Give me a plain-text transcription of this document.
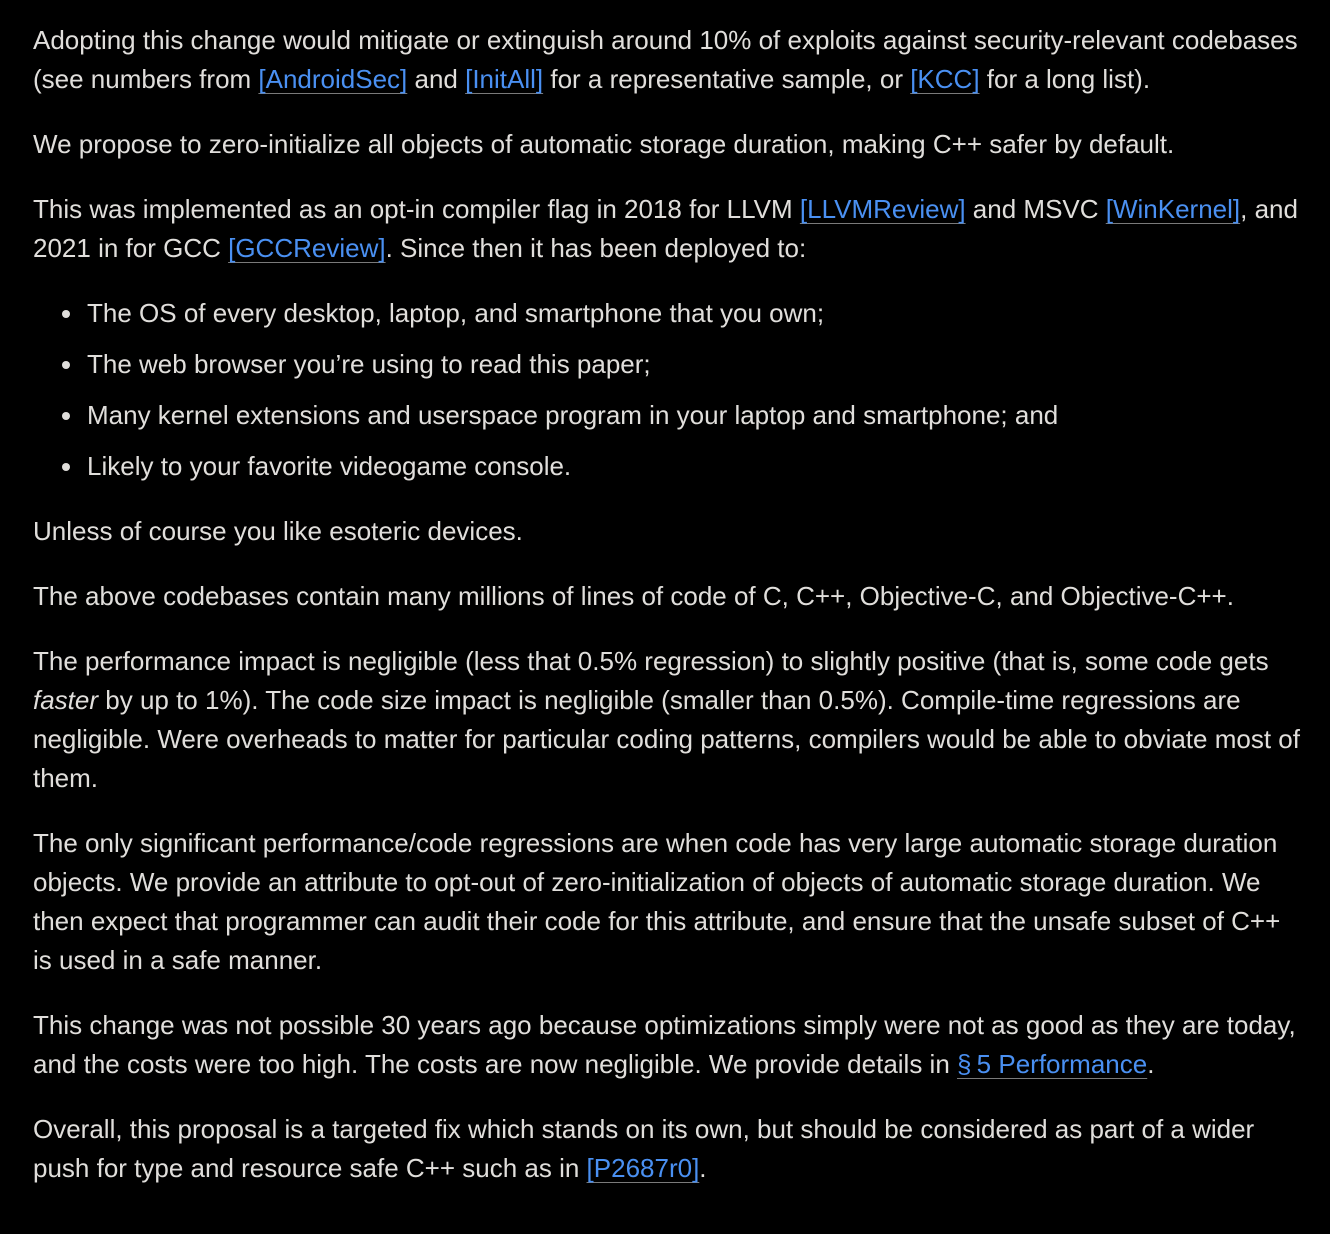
Adopting this change would mitigate or extinguish around 10% of exploits against security-relevant codebases (see numbers from [AndroidSec] and [InitAll] for a representative sample, or [KCC] for a long list).

We propose to zero-initialize all objects of automatic storage duration, making C++ safer by default.

This was implemented as an opt-in compiler flag in 2018 for LLVM [LLVMReview] and MSVC [WinKernel], and 2021 in for GCC [GCCReview]. Since then it has been deployed to:

• The OS of every desktop, laptop, and smartphone that you own;
• The web browser you’re using to read this paper;
• Many kernel extensions and userspace program in your laptop and smartphone; and
• Likely to your favorite videogame console.

Unless of course you like esoteric devices.

The above codebases contain many millions of lines of code of C, C++, Objective-C, and Objective-C++.

The performance impact is negligible (less that 0.5% regression) to slightly positive (that is, some code gets faster by up to 1%). The code size impact is negligible (smaller than 0.5%). Compile-time regressions are negligible. Were overheads to matter for particular coding patterns, compilers would be able to obviate most of them.

The only significant performance/code regressions are when code has very large automatic storage duration objects. We provide an attribute to opt-out of zero-initialization of objects of automatic storage duration. We then expect that programmer can audit their code for this attribute, and ensure that the unsafe subset of C++ is used in a safe manner.

This change was not possible 30 years ago because optimizations simply were not as good as they are today, and the costs were too high. The costs are now negligible. We provide details in § 5 Performance.

Overall, this proposal is a targeted fix which stands on its own, but should be considered as part of a wider push for type and resource safe C++ such as in [P2687r0].
